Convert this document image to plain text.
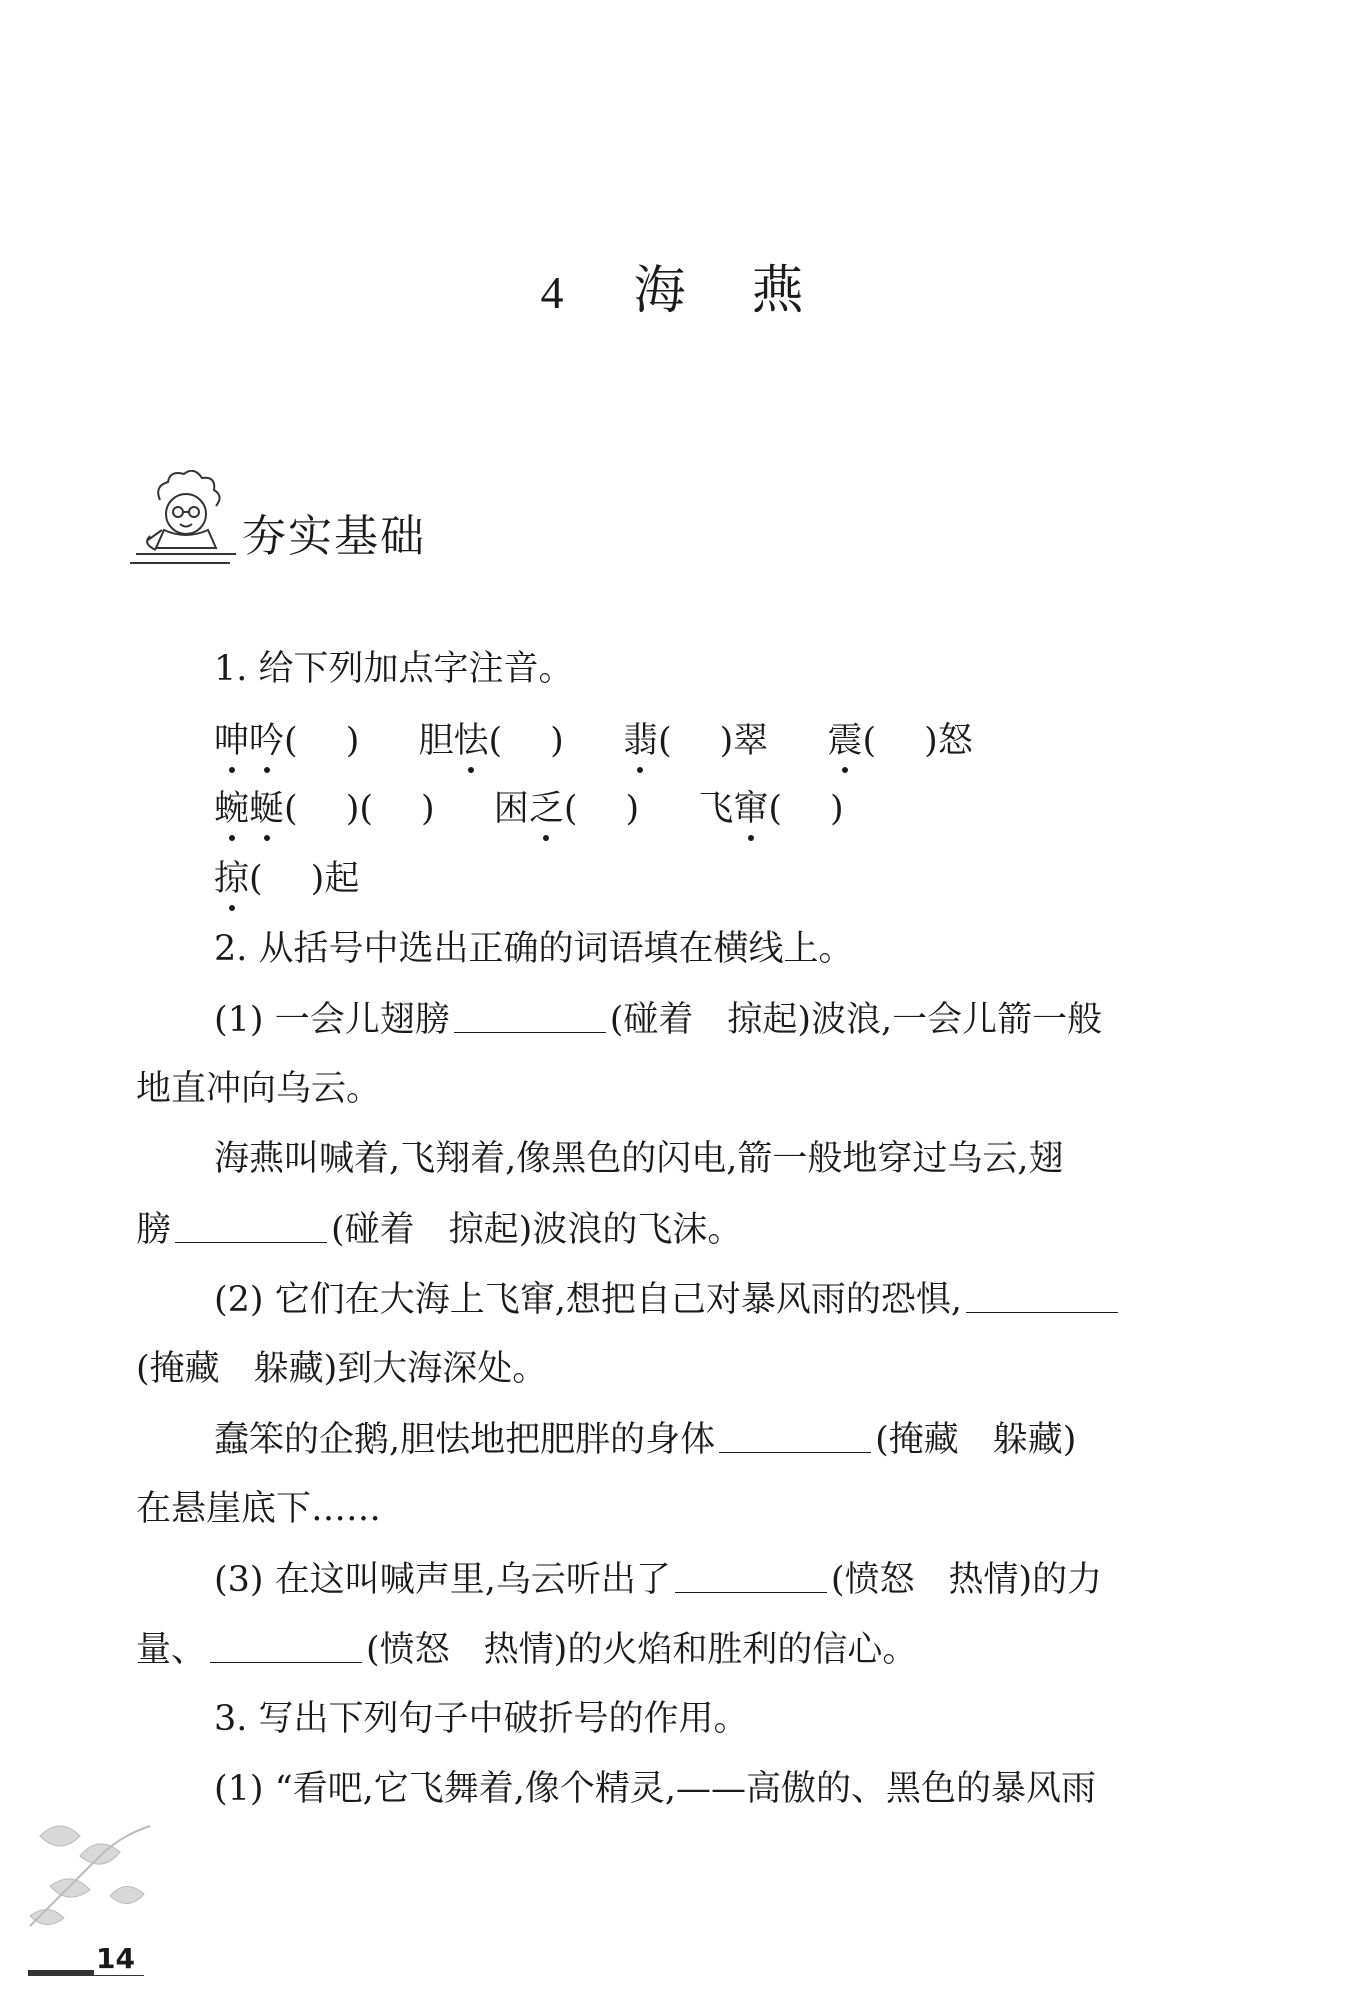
4 海 燕
夯实基础
1. 给下列加点字注音。
呻吟( ) 胆怯( ) 翡( )翠 震( )怒
蜿蜒( )( ) 困乏( ) 飞窜( )
掠( )起
2. 从括号中选出正确的词语填在横线上。
(1) 一会儿翅膀	(碰着 掠起)波浪,一会儿箭一般
地直冲向乌云。
海燕叫喊着,飞翔着,像黑色的闪电,箭一般地穿过乌云,翅
膀	(碰着 掠起)波浪的飞沫。
(2) 它们在大海上飞窜,想把自己对暴风雨的恐惧,
(掩藏 躲藏)到大海深处。
蠢笨的企鹅,胆怯地把肥胖的身体	(掩藏 躲藏)
在悬崖底下……
(3) 在这叫喊声里,乌云听出了	(愤怒 热情)的力
量、	(愤怒 热情)的火焰和胜利的信心。
3. 写出下列句子中破折号的作用。
(1) “看吧,它飞舞着,像个精灵,——高傲的、黑色的暴风雨
14
